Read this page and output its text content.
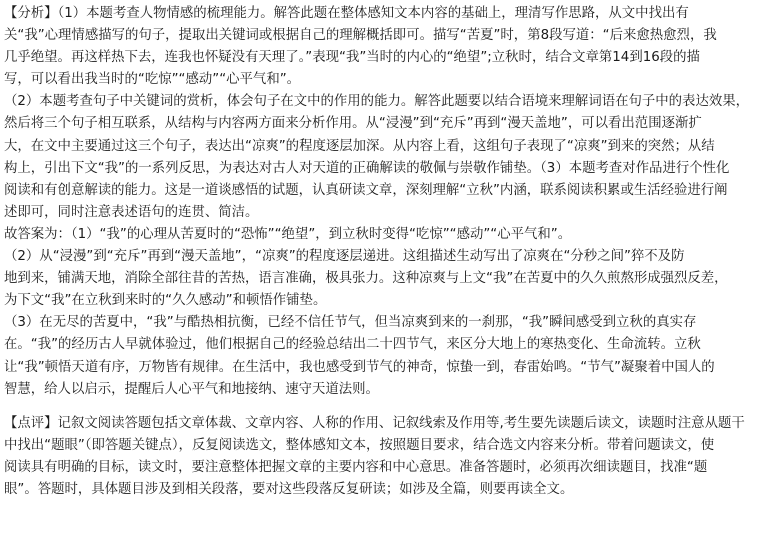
【分析】（1）本题考查人物情感的梳理能力。解答此题在整体感知文本内容的基础上，理清写作思路，从文中找出有
关“我”心理情感描写的句子，提取出关键词或根据自己的理解概括即可。描写“苦夏”时，第8段写道：“后来愈热愈烈，我
几乎绝望。再这样热下去，连我也怀疑没有天理了。”表现“我”当时的内心的“绝望”;立秋时，结合文章第14到16段的描
写，可以看出我当时的“吃惊”“感动”“心平气和”。
（2）本题考查句子中关键词的赏析，体会句子在文中的作用的能力。解答此题要以结合语境来理解词语在句子中的表达效果，
然后将三个句子相互联系，从结构与内容两方面来分析作用。从“浸漫”到“充斥”再到“漫天盖地”，可以看出范围逐渐扩
大，在文中主要通过这三个句子，表达出“凉爽”的程度逐层加深。从内容上看，这组句子表现了“凉爽”到来的突然；从结
构上，引出下文“我”的一系列反思，为表达对古人对天道的正确解读的敬佩与崇敬作铺垫。（3）本题考查对作品进行个性化
阅读和有创意解读的能力。这是一道谈感悟的试题，认真研读文章，深刻理解“立秋”内涵，联系阅读积累或生活经验进行阐
述即可，同时注意表述语句的连贯、简洁。
故答案为：（1）“我”的心理从苦夏时的“恐怖”“绝望”，到立秋时变得“吃惊”“感动”“心平气和”。
（2）从“浸漫”到“充斥”再到“漫天盖地”，“凉爽”的程度逐层递进。这组描述生动写出了凉爽在“分秒之间”猝不及防
地到来，铺满天地，消除全部往昔的苦热，语言准确，极具张力。这种凉爽与上文“我”在苦夏中的久久煎熬形成强烈反差，
为下文“我”在立秋到来时的“久久感动”和顿悟作铺垫。
（3）在无尽的苦夏中，“我”与酷热相抗衡，已经不信任节气，但当凉爽到来的一刹那，“我”瞬间感受到立秋的真实存
在。“我”的经历古人早就体验过，他们根据自己的经验总结出二十四节气，来区分大地上的寒热变化、生命流转。立秋
让“我”顿悟天道有序，万物皆有规律。在生活中，我也感受到节气的神奇，惊蛰一到，春雷始鸣。“节气”凝聚着中国人的
智慧，给人以启示，提醒后人心平气和地接纳、速守天道法则。
【点评】记叙文阅读答题包括文章体裁、文章内容、人称的作用、记叙线索及作用等,考生要先读题后读文，读题时注意从题干
中找出“题眼”（即答题关键点），反复阅读选文，整体感知文本，按照题目要求，结合选文内容来分析。带着问题读文，使
阅读具有明确的目标，读文时，要注意整体把握文章的主要内容和中心意思。准备答题时，必须再次细读题目，找准“题
眼”。答题时，具体题目涉及到相关段落，要对这些段落反复研读；如涉及全篇，则要再读全文。
